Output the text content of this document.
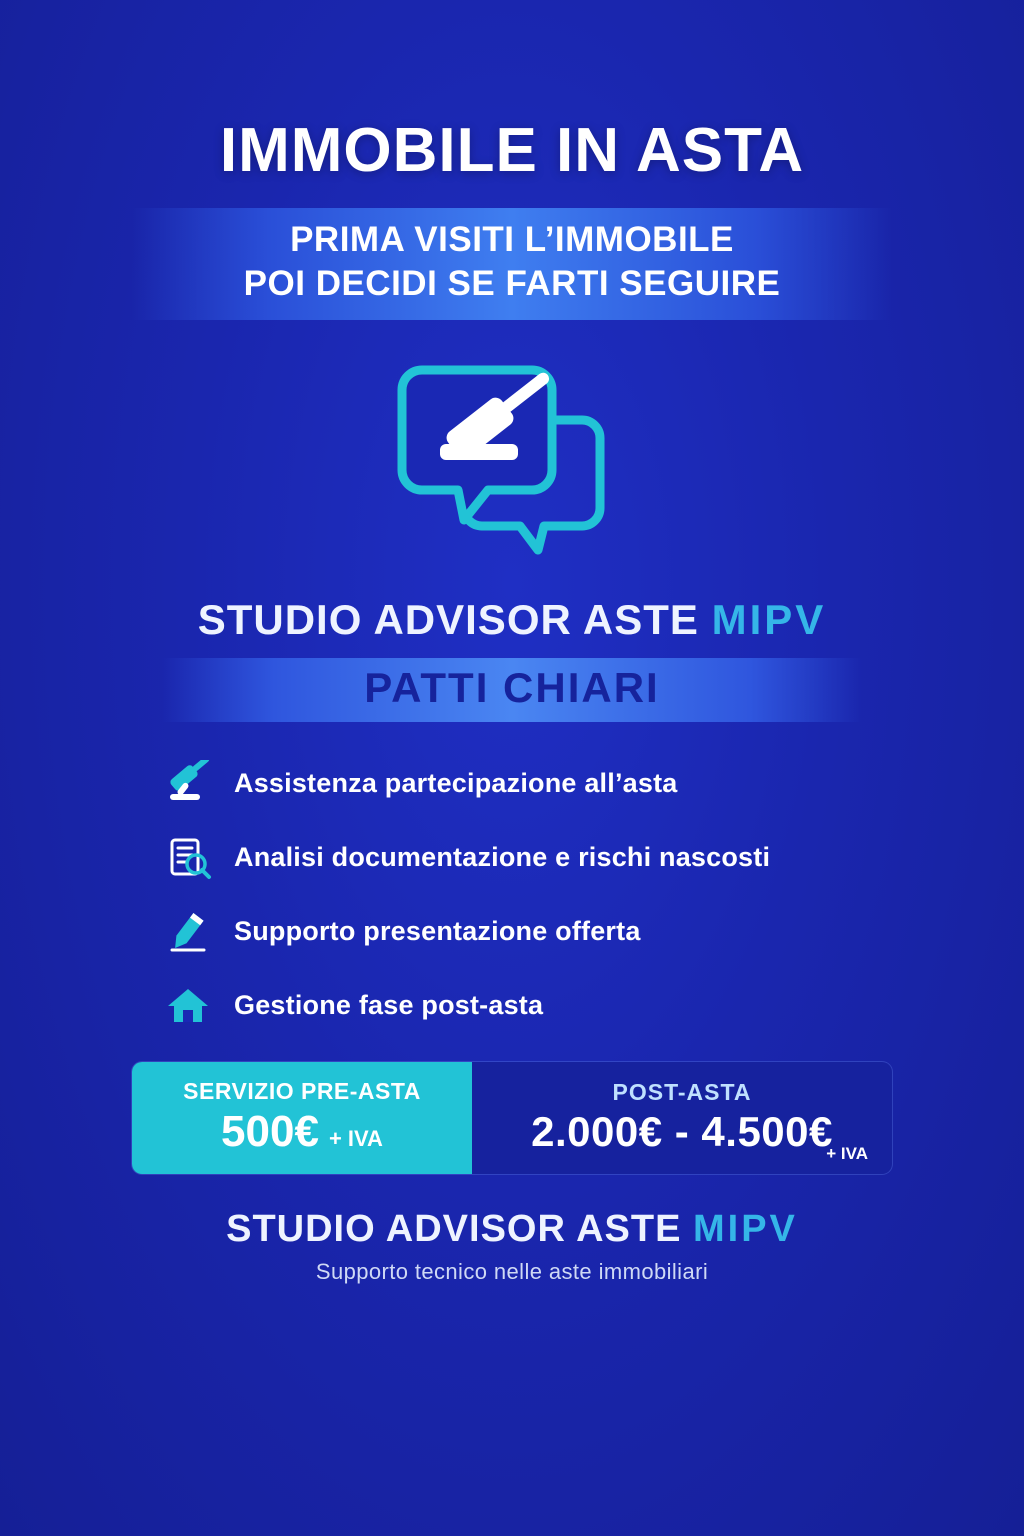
IMMOBILE IN ASTA
PRIMA VISITI L’IMMOBILE
POI DECIDI SE FARTI SEGUIRE
STUDIO ADVISOR ASTE MIPV
PATTI CHIARI
Assistenza partecipazione all’asta
Analisi documentazione e rischi nascosti
Supporto presentazione offerta
Gestione fase post-asta
SERVIZIO PRE-ASTA
500€ + IVA
POST-ASTA
2.000€ - 4.500€
+ IVA
STUDIO ADVISOR ASTE MIPV
Supporto tecnico nelle aste immobiliari
